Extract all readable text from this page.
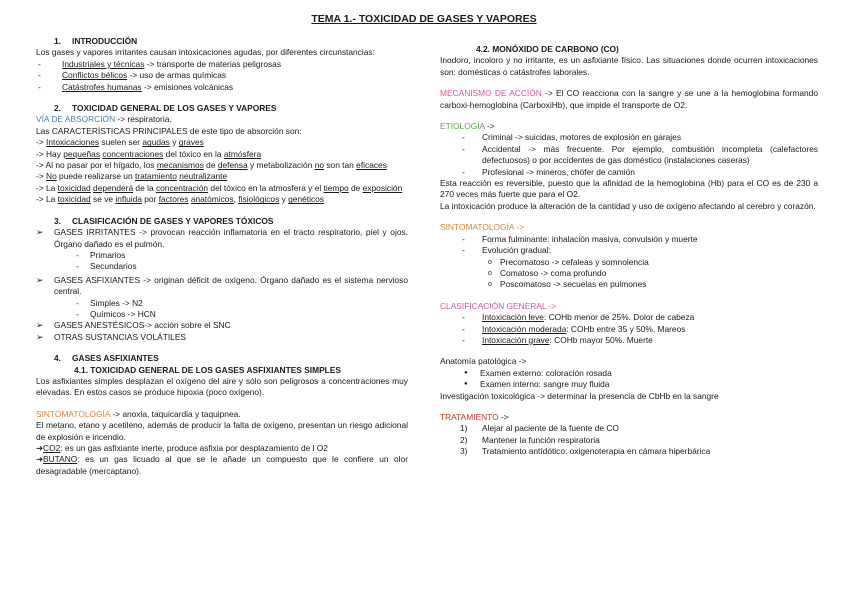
TEMA 1.- TOXICIDAD DE GASES Y VAPORES
1. INTRODUCCIÓN
Los gases y vapores irritantes causan intoxicaciones agudas, por diferentes circunstancias:
- Industriales y técnicas -> transporte de materias peligrosas
- Conflictos bélicos -> uso de armas químicas
- Catástrofes humanas -> emisiones volcánicas
2. TOXICIDAD GENERAL DE LOS GASES Y VAPORES
VÍA DE ABSORCIÓN -> respiratoria.
Las CARACTERÍSTICAS PRINCIPALES de este tipo de absorción son:
-> Intoxicaciones suelen ser agudas y graves
-> Hay pequeñas concentraciones del tóxico en la atmósfera
-> Al no pasar por el hígado, los mecanismos de defensa y metabolización no son tan eficaces
-> No puede realizarse un tratamiento neutralizante
-> La toxicidad dependerá de la concentración del tóxico en la atmosfera y el tiempo de exposición
-> La toxicidad se ve influida por factores anatómicos, fisiológicos y genéticos
3. CLASIFICACIÓN DE GASES Y VAPORES TÓXICOS
➢ GASES IRRITANTES -> provocan reacción inflamatoria en el tracto respiratorio, piel y ojos. Órgano dañado es el pulmón.
- Primarios
- Secundarios
➢ GASES ASFIXIANTES -> originan déficit de oxígeno. Órgano dañado es el sistema nervioso central.
- Simples -> N2
- Químicos -> HCN
➢ GASES ANESTÉSICOS-> acción sobre el SNC
➢ OTRAS SUSTANCIAS VOLÁTILES
4. GASES ASFIXIANTES
4.1. TOXICIDAD GENERAL DE LOS GASES ASFIXIANTES SIMPLES
Los asfixiantes simples desplazan el oxígeno del aire y sólo son peligrosos a concentraciones muy elevadas. En estos casos se produce hipoxia (poco oxígeno).
SINTOMATOLOGÍA -> anoxia, taquicardia y taquipnea.
El metano, etano y acetileno, además de producir la falta de oxígeno, presentan un riesgo adicional de explosión e incendio.
➜CO2: es un gas asfixiante inerte, produce asfixia por desplazamiento de l O2
➜BUTANO: es un gas licuado al que se le añade un compuesto que le confiere un olor desagradable (mercaptano).
4.2. MONÓXIDO DE CARBONO (CO)
Inodoro, incoloro y no irritante, es un asfixiante físico. Las situaciones donde ocurren intoxicaciones son: domésticas o catástrofes laborales.
MECANISMO DE ACCIÓN -> El CO reacciona con la sangre y se une a la hemoglobina formando carboxi-hemoglobina (CarboxiHb), que impide el transporte de O2.
ETIOLOGÍA ->
- Criminal -> suicidas, motores de explosión en garajes
- Accidental -> más frecuente. Por ejemplo, combustión incompleta (calefactores defectuosos) o por accidentes de gas doméstico (instalaciones caseras)
- Profesional -> mineros, chófer de camión
Esta reacción es reversible, puesto que la afinidad de la hemoglobina (Hb) para el CO es de 230 a 270 veces más fuerte que para el O2.
La intoxicación produce la alteración de la cantidad y uso de oxígeno afectando al cerebro y corazón.
SINTOMATOLOGÍA ->
- Forma fulminante: inhalación masiva, convulsión y muerte
- Evolución gradual:
o Precomatoso -> cefaleas y somnolencia
o Comatoso -> coma profundo
o Poscomatoso -> secuelas en pulmones
CLASIFICACIÓN GENERAL ->
- Intoxicación leve: COHb menor de 25%. Dolor de cabeza
- Intoxicación moderada: COHb entre 35 y 50%. Mareos
- Intoxicación grave: COHb mayor 50%. Muerte
Anatomía patológica ->
● Examen externo: coloración rosada
● Examen interno: sangre muy fluida
Investigación toxicológica -> determinar la presencia de CbHb en la sangre
TRATAMIENTO ->
1) Alejar al paciente de la fuente de CO
2) Mantener la función respiratoria
3) Tratamiento antídótico: oxigenoterapia en cámara hiperbárica
